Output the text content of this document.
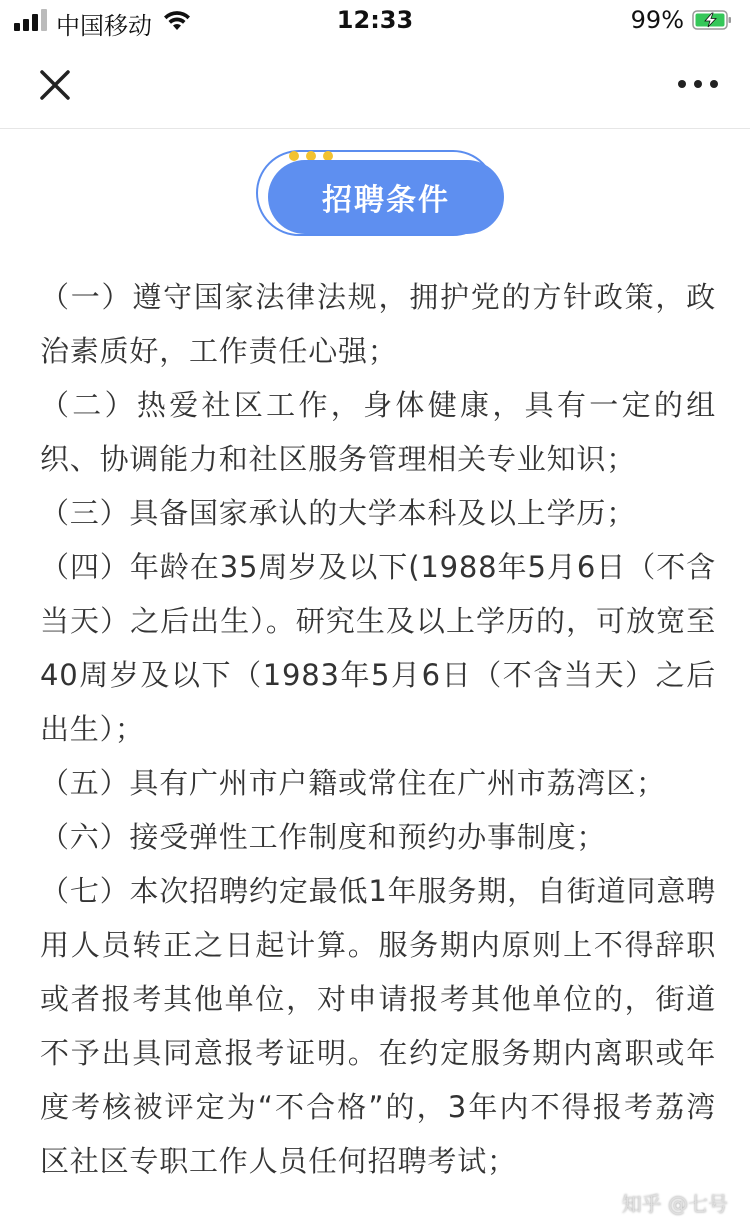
中国移动	12:33	99%
招聘条件

（一）遵守国家法律法规，拥护党的方针政策，政治素质好，工作责任心强；

（二）热爱社区工作，身体健康，具有一定的组织、协调能力和社区服务管理相关专业知识；

（三）具备国家承认的大学本科及以上学历；

（四）年龄在35周岁及以下(1988年5月6日（不含当天）之后出生）。研究生及以上学历的，可放宽至40周岁及以下（1983年5月6日（不含当天）之后出生）；

（五）具有广州市户籍或常住在广州市荔湾区；

（六）接受弹性工作制度和预约办事制度；

（七）本次招聘约定最低1年服务期，自街道同意聘用人员转正之日起计算。服务期内原则上不得辞职或者报考其他单位，对申请报考其他单位的，街道不予出具同意报考证明。在约定服务期内离职或年度考核被评定为“不合格”的，3年内不得报考荔湾区社区专职工作人员任何招聘考试；

知乎 @七号
